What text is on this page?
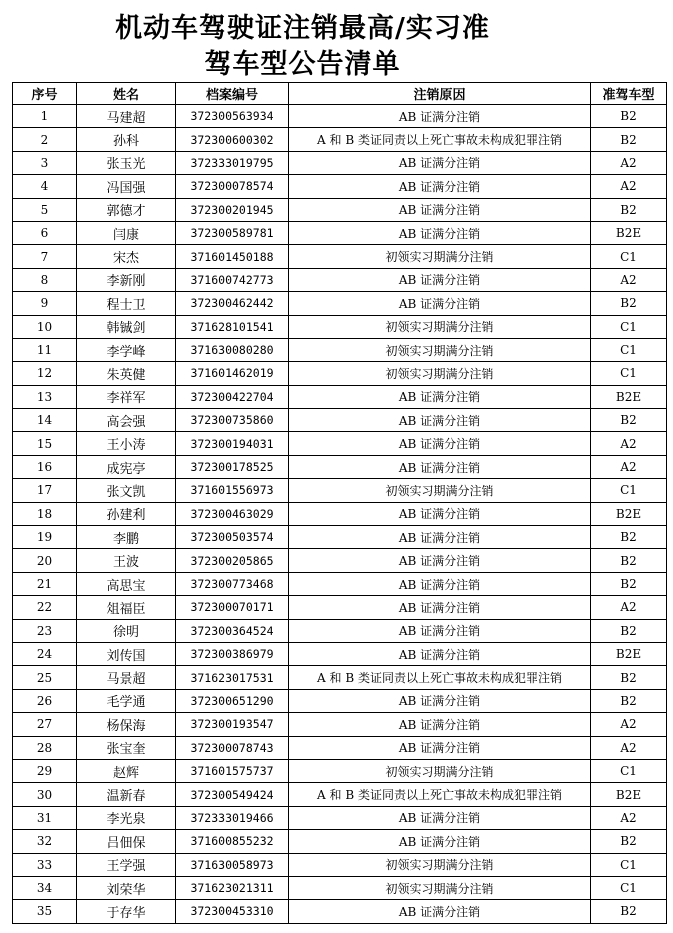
机动车驾驶证注销最高/实习准
驾车型公告清单
序号	姓名	档案编号	注销原因	准驾车型
1	马建超	372300563934	AB 证满分注销	B2
2	孙科	372300600302	A 和 B 类证同责以上死亡事故未构成犯罪注销	B2
3	张玉光	372333019795	AB 证满分注销	A2
4	冯国强	372300078574	AB 证满分注销	A2
5	郭德才	372300201945	AB 证满分注销	B2
6	闫康	372300589781	AB 证满分注销	B2E
7	宋杰	371601450188	初领实习期满分注销	C1
8	李新刚	371600742773	AB 证满分注销	A2
9	程士卫	372300462442	AB 证满分注销	B2
10	韩铖剑	371628101541	初领实习期满分注销	C1
11	李学峰	371630080280	初领实习期满分注销	C1
12	朱英健	371601462019	初领实习期满分注销	C1
13	李祥军	372300422704	AB 证满分注销	B2E
14	高会强	372300735860	AB 证满分注销	B2
15	王小涛	372300194031	AB 证满分注销	A2
16	成宪亭	372300178525	AB 证满分注销	A2
17	张文凯	371601556973	初领实习期满分注销	C1
18	孙建利	372300463029	AB 证满分注销	B2E
19	李鹏	372300503574	AB 证满分注销	B2
20	王波	372300205865	AB 证满分注销	B2
21	高思宝	372300773468	AB 证满分注销	B2
22	俎福臣	372300070171	AB 证满分注销	A2
23	徐明	372300364524	AB 证满分注销	B2
24	刘传国	372300386979	AB 证满分注销	B2E
25	马景超	371623017531	A 和 B 类证同责以上死亡事故未构成犯罪注销	B2
26	毛学通	372300651290	AB 证满分注销	B2
27	杨保海	372300193547	AB 证满分注销	A2
28	张宝奎	372300078743	AB 证满分注销	A2
29	赵辉	371601575737	初领实习期满分注销	C1
30	温新春	372300549424	A 和 B 类证同责以上死亡事故未构成犯罪注销	B2E
31	李光泉	372333019466	AB 证满分注销	A2
32	吕佃保	371600855232	AB 证满分注销	B2
33	王学强	371630058973	初领实习期满分注销	C1
34	刘荣华	371623021311	初领实习期满分注销	C1
35	于存华	372300453310	AB 证满分注销	B2
